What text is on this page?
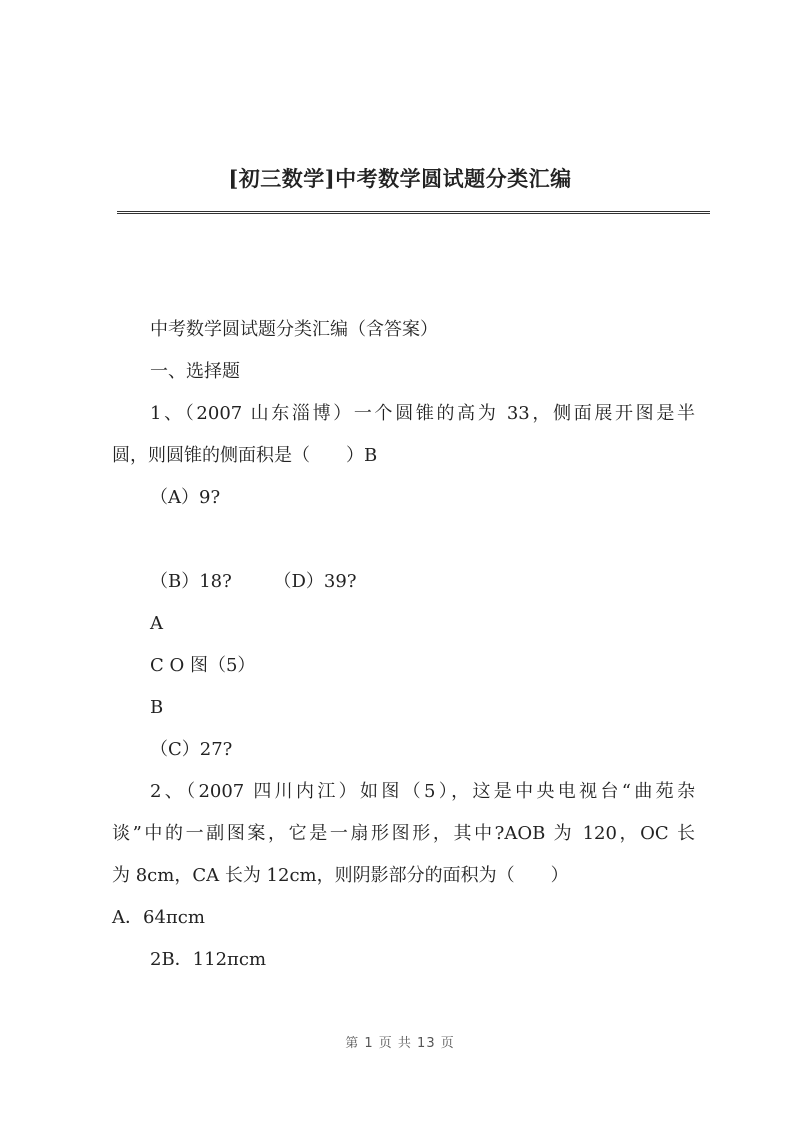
[初三数学]中考数学圆试题分类汇编
中考数学圆试题分类汇编（含答案）
一、选择题
1、（2007 山东淄博）一个圆锥的高为 33，侧面展开图是半
圆，则圆锥的侧面积是（　　）B
（A）9?
（B）18?　　 （D）39?
A
C O 图（5）
B
（C）27?
2、（2007 四川内江）如图（5），这是中央电视台“曲苑杂
谈”中的一副图案，它是一扇形图形，其中?AOB 为 120，OC 长
为 8cm，CA 长为 12cm，则阴影部分的面积为（　　）
A．64πcm
2B．112πcm
第 1 页 共 13 页
